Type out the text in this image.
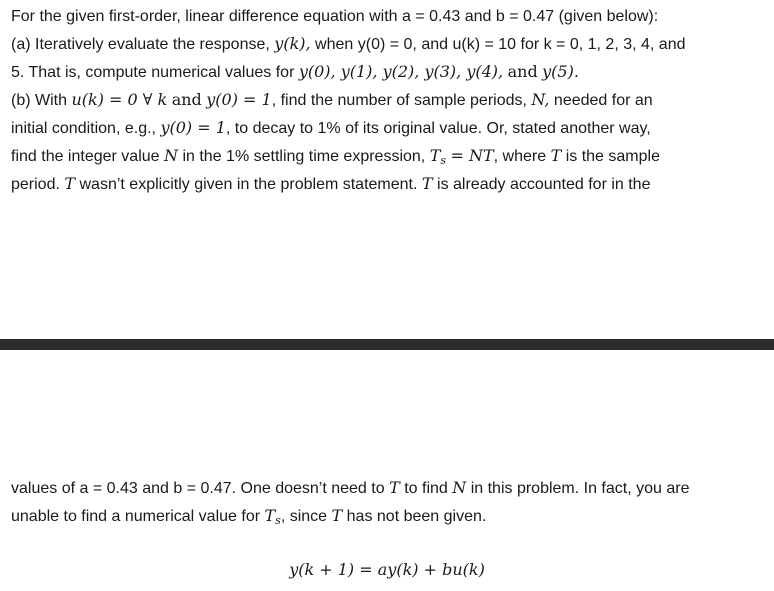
For the given first-order, linear difference equation with a = 0.43 and b = 0.47 (given below):
(a) Iteratively evaluate the response, y(k), when y(0) = 0, and u(k) = 10 for k = 0, 1, 2, 3, 4, and
5. That is, compute numerical values for y(0), y(1), y(2), y(3), y(4), and y(5).
(b) With u(k) = 0 ∀ k and y(0) = 1, find the number of sample periods, N, needed for an
initial condition, e.g., y(0) = 1, to decay to 1% of its original value. Or, stated another way,
find the integer value N in the 1% settling time expression, $T_s$ = NT, where T is the sample
period. T wasn’t explicitly given in the problem statement. T is already accounted for in the
values of a = 0.43 and b = 0.47. One doesn’t need to T to find N in this problem. In fact, you are
unable to find a numerical value for $T_s$, since T has not been given.
y(k + 1) = ay(k) + bu(k)
